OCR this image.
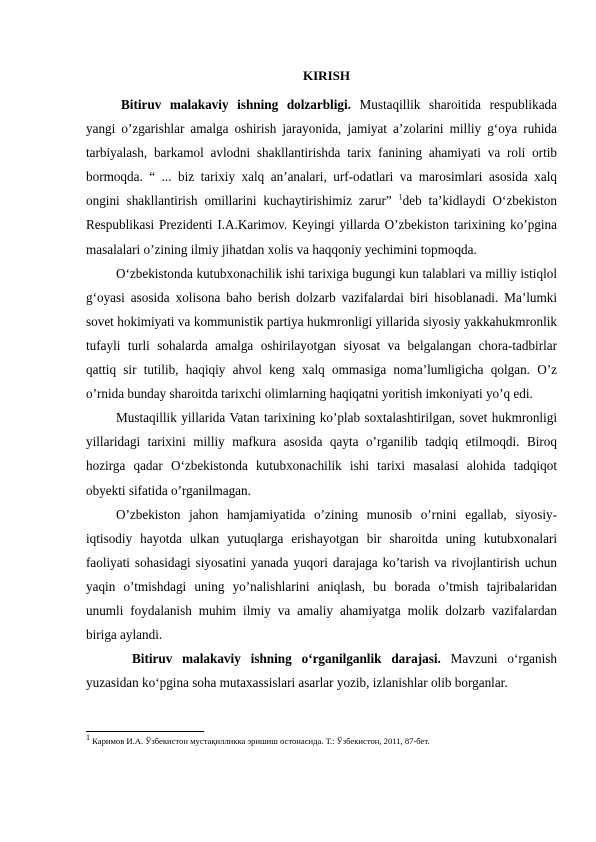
KIRISH

Bitiruv malakaviy ishning dolzarbligi. Mustaqillik sharoitida respublikada yangi o’zgarishlar amalga oshirish jarayonida, jamiyat a’zolarini milliy g‘oya ruhida tarbiyalash, barkamol avlodni shakllantirishda tarix fanining ahamiyati va roli ortib bormoqda. “ ... biz tarixiy xalq an’analari, urf-odatlari va marosimlari asosida xalq ongini shakllantirish omillarini kuchaytirishimiz zarur” $^1$deb ta’kidlaydi O‘zbekiston Respublikasi Prezidenti I.A.Karimov. Keyingi yillarda O’zbekiston tarixining ko’pgina masalalari o’zining ilmiy jihatdan xolis va haqqoniy yechimini topmoqda.

O‘zbekistonda kutubxonachilik ishi tarixiga bugungi kun talablari va milliy istiqlol g‘oyasi asosida xolisona baho berish dolzarb vazifalardai biri hisoblanadi. Ma’lumki sovet hokimiyati va kommunistik partiya hukmronligi yillarida siyosiy yakkahukmronlik tufayli turli sohalarda amalga oshirilayotgan siyosat va belgalangan chora-tadbirlar qattiq sir tutilib, haqiqiy ahvol keng xalq ommasiga noma’lumligicha qolgan. O’z o’rnida bunday sharoitda tarixchi olimlarning haqiqatni yoritish imkoniyati yo’q edi.

Mustaqillik yillarida Vatan tarixining ko’plab soxtalashtirilgan, sovet hukmronligi yillaridagi tarixini milliy mafkura asosida qayta o’rganilib tadqiq etilmoqdi. Biroq hozirga qadar O‘zbekistonda kutubxonachilik ishi tarixi masalasi alohida tadqiqot obyekti sifatida o’rganilmagan.

O’zbekiston jahon hamjamiyatida o’zining munosib o’rnini egallab, siyosiy-iqtisodiy hayotda ulkan yutuqlarga erishayotgan bir sharoitda uning kutubxonalari faoliyati sohasidagi siyosatini yanada yuqori darajaga ko’tarish va rivojlantirish uchun yaqin o’tmishdagi uning yo’nalishlarini aniqlash, bu borada o’tmish tajribalaridan unumli foydalanish muhim ilmiy va amaliy ahamiyatga molik dolzarb vazifalardan biriga aylandi.

Bitiruv malakaviy ishning o‘rganilganlik darajasi. Mavzuni o‘rganish yuzasidan ko‘pgina soha mutaxassislari asarlar yozib, izlanishlar olib borganlar.

$^1$ Каримов И.А. Ўзбекистон мустақилликка эришиш остонасида. Т.: Ўзбекистон, 2011, 87-бет.
